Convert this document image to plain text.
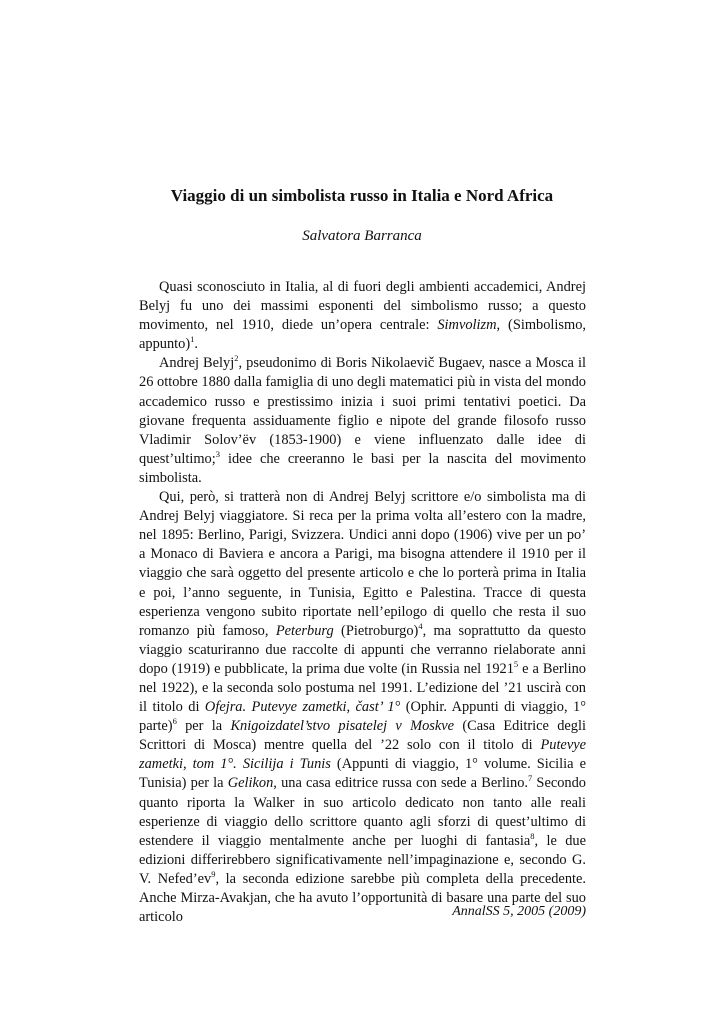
Viaggio di un simbolista russo in Italia e Nord Africa
Salvatora Barranca

Quasi sconosciuto in Italia, al di fuori degli ambienti accademici, Andrej Belyj fu uno dei massimi esponenti del simbolismo russo; a questo movimento, nel 1910, diede un’opera centrale: Simvolizm, (Simbolismo, appunto)$^1$.

Andrej Belyj$^2$, pseudonimo di Boris Nikolaevič Bugaev, nasce a Mosca il 26 ottobre 1880 dalla famiglia di uno degli matematici più in vista del mondo accademico russo e prestissimo inizia i suoi primi tentativi poetici. Da giovane frequenta assiduamente figlio e nipote del grande filosofo russo Vladimir Solov’ëv (1853-1900) e viene influenzato dalle idee di quest’ultimo;$^3$ idee che creeranno le basi per la nascita del movimento simbolista.

Qui, però, si tratterà non di Andrej Belyj scrittore e/o simbolista ma di Andrej Belyj viaggiatore. Si reca per la prima volta all’estero con la madre, nel 1895: Berlino, Parigi, Svizzera. Undici anni dopo (1906) vive per un po’ a Monaco di Baviera e ancora a Parigi, ma bisogna attendere il 1910 per il viaggio che sarà oggetto del presente articolo e che lo porterà prima in Italia e poi, l’anno seguente, in Tunisia, Egitto e Palestina. Tracce di questa esperienza vengono subito riportate nell’epilogo di quello che resta il suo romanzo più famoso, Peterburg (Pietroburgo)$^4$, ma soprattutto da questo viaggio scaturiranno due raccolte di appunti che verranno rielaborate anni dopo (1919) e pubblicate, la prima due volte (in Russia nel 1921$^5$ e a Berlino nel 1922), e la seconda solo postuma nel 1991. L’edizione del ’21 uscirà con il titolo di Ofejra. Putevye zametki, čast’ 1° (Ophir. Appunti di viaggio, 1° parte)$^6$ per la Knigoizdatel’stvo pisatelej v Moskve (Casa Editrice degli Scrittori di Mosca) mentre quella del ’22 solo con il titolo di Putevye zametki, tom 1°. Sicilija i Tunis (Appunti di viaggio, 1° volume. Sicilia e Tunisia) per la Gelikon, una casa editrice russa con sede a Berlino.$^7$ Secondo quanto riporta la Walker in suo articolo dedicato non tanto alle reali esperienze di viaggio dello scrittore quanto agli sforzi di quest’ultimo di estendere il viaggio mentalmente anche per luoghi di fantasia$^8$, le due edizioni differirebbero significativamente nell’impaginazione e, secondo G. V. $Nefed’ev^9$, la seconda edizione sarebbe più completa della precedente. Anche Mirza-Avakjan, che ha avuto l’opportunità di basare una parte del suo articolo	AnnalSS 5, 2005 (2009)
